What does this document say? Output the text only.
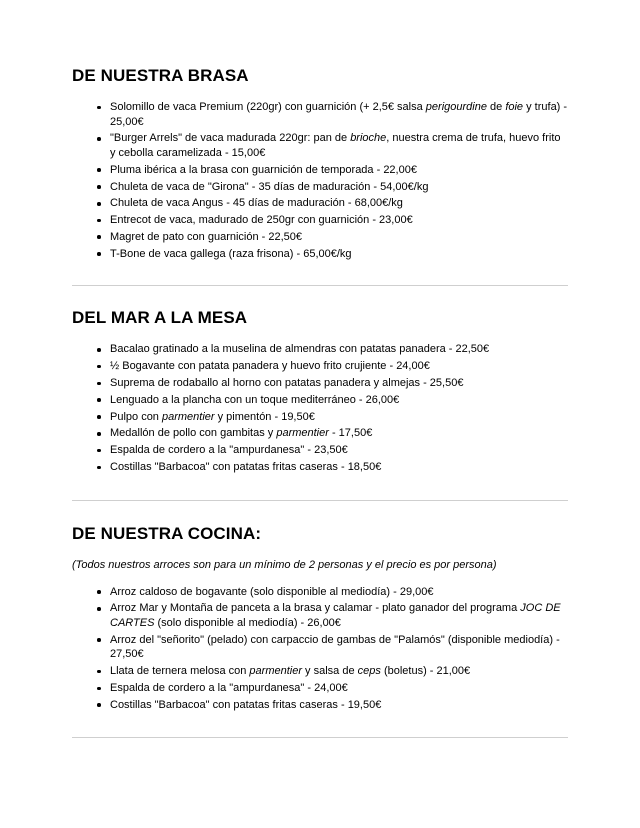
DE NUESTRA BRASA
Solomillo de vaca Premium (220gr) con guarnición (+ 2,5€ salsa perigourdine de foie y trufa) - 25,00€
"Burger Arrels" de vaca madurada 220gr: pan de brioche, nuestra crema de trufa, huevo frito y cebolla caramelizada - 15,00€
Pluma ibérica a la brasa con guarnición de temporada - 22,00€
Chuleta de vaca de "Girona" - 35 días de maduración - 54,00€/kg
Chuleta de vaca Angus - 45 días de maduración - 68,00€/kg
Entrecot de vaca, madurado de 250gr con guarnición - 23,00€
Magret de pato con guarnición - 22,50€
T-Bone de vaca gallega (raza frisona) - 65,00€/kg
DEL MAR A LA MESA
Bacalao gratinado a la muselina de almendras con patatas panadera - 22,50€
½ Bogavante con patata panadera y huevo frito crujiente - 24,00€
Suprema de rodaballo al horno con patatas panadera y almejas - 25,50€
Lenguado a la plancha con un toque mediterráneo - 26,00€
Pulpo con parmentier y pimentón - 19,50€
Medallón de pollo con gambitas y parmentier - 17,50€
Espalda de cordero a la "ampurdanesa" - 23,50€
Costillas "Barbacoa" con patatas fritas caseras - 18,50€
DE NUESTRA COCINA:

(Todos nuestros arroces son para un mínimo de 2 personas y el precio es por persona)

Arroz caldoso de bogavante (solo disponible al mediodía) - 29,00€
Arroz Mar y Montaña de panceta a la brasa y calamar - plato ganador del programa JOC DE CARTES (solo disponible al mediodía) - 26,00€
Arroz del "señorito" (pelado) con carpaccio de gambas de "Palamós" (disponible mediodía) - 27,50€
Llata de ternera melosa con parmentier y salsa de ceps (boletus) - 21,00€
Espalda de cordero a la "ampurdanesa" - 24,00€
Costillas "Barbacoa" con patatas fritas caseras - 19,50€
